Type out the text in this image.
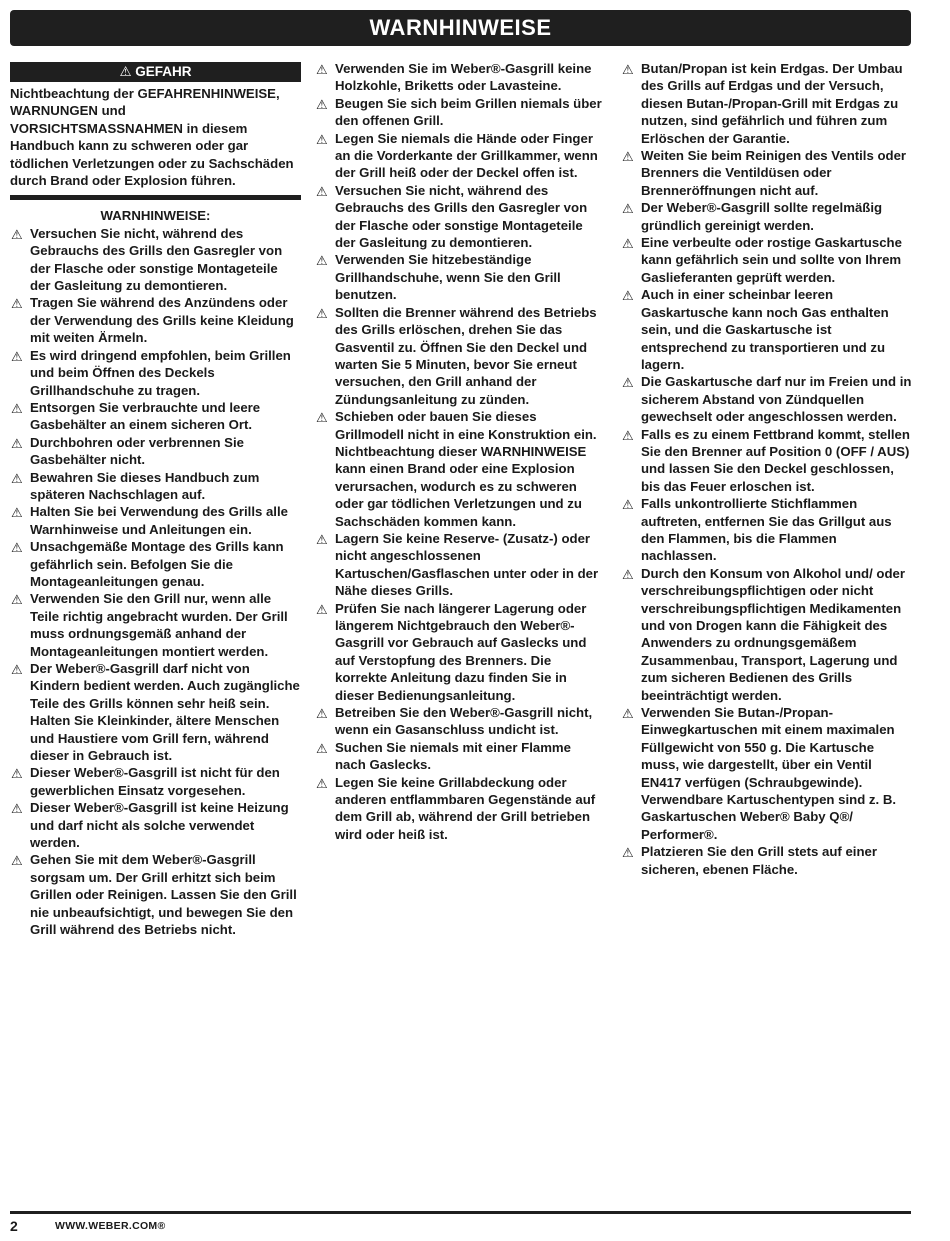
WARNHINWEISE
⚠ GEFAHR

Nichtbeachtung der GEFAHRENHINWEISE, WARNUNGEN und VORSICHTSMASSNAHMEN in diesem Handbuch kann zu schweren oder gar tödlichen Verletzungen oder zu Sachschäden durch Brand oder Explosion führen.

WARNHINWEISE:
⚠ Versuchen Sie nicht, während des Gebrauchs des Grills den Gasregler von der Flasche oder sonstige Montageteile der Gasleitung zu demontieren.
⚠ Tragen Sie während des Anzündens oder der Verwendung des Grills keine Kleidung mit weiten Ärmeln.
⚠ Es wird dringend empfohlen, beim Grillen und beim Öffnen des Deckels Grillhandschuhe zu tragen.
⚠ Entsorgen Sie verbrauchte und leere Gasbehälter an einem sicheren Ort.
⚠ Durchbohren oder verbrennen Sie Gasbehälter nicht.
⚠ Bewahren Sie dieses Handbuch zum späteren Nachschlagen auf.
⚠ Halten Sie bei Verwendung des Grills alle Warnhinweise und Anleitungen ein.
⚠ Unsachgemäße Montage des Grills kann gefährlich sein. Befolgen Sie die Montageanleitungen genau.
⚠ Verwenden Sie den Grill nur, wenn alle Teile richtig angebracht wurden. Der Grill muss ordnungsgemäß anhand der Montageanleitungen montiert werden.
⚠ Der Weber®-Gasgrill darf nicht von Kindern bedient werden. Auch zugängliche Teile des Grills können sehr heiß sein. Halten Sie Kleinkinder, ältere Menschen und Haustiere vom Grill fern, während dieser in Gebrauch ist.
⚠ Dieser Weber®-Gasgrill ist nicht für den gewerblichen Einsatz vorgesehen.
⚠ Dieser Weber®-Gasgrill ist keine Heizung und darf nicht als solche verwendet werden.
⚠ Gehen Sie mit dem Weber®-Gasgrill sorgsam um. Der Grill erhitzt sich beim Grillen oder Reinigen. Lassen Sie den Grill nie unbeaufsichtigt, und bewegen Sie den Grill während des Betriebs nicht.
⚠ Verwenden Sie im Weber®-Gasgrill keine Holzkohle, Briketts oder Lavasteine.
⚠ Beugen Sie sich beim Grillen niemals über den offenen Grill.
⚠ Legen Sie niemals die Hände oder Finger an die Vorderkante der Grillkammer, wenn der Grill heiß oder der Deckel offen ist.
⚠ Versuchen Sie nicht, während des Gebrauchs des Grills den Gasregler von der Flasche oder sonstige Montageteile der Gasleitung zu demontieren.
⚠ Verwenden Sie hitzebeständige Grillhandschuhe, wenn Sie den Grill benutzen.
⚠ Sollten die Brenner während des Betriebs des Grills erlöschen, drehen Sie das Gasventil zu. Öffnen Sie den Deckel und warten Sie 5 Minuten, bevor Sie erneut versuchen, den Grill anhand der Zündungsanleitung zu zünden.
⚠ Schieben oder bauen Sie dieses Grillmodell nicht in eine Konstruktion ein. Nichtbeachtung dieser WARNHINWEISE kann einen Brand oder eine Explosion verursachen, wodurch es zu schweren oder gar tödlichen Verletzungen und zu Sachschäden kommen kann.
⚠ Lagern Sie keine Reserve- (Zusatz-) oder nicht angeschlossenen Kartuschen/Gasflaschen unter oder in der Nähe dieses Grills.
⚠ Prüfen Sie nach längerer Lagerung oder längerem Nichtgebrauch den Weber®-Gasgrill vor Gebrauch auf Gaslecks und auf Verstopfung des Brenners. Die korrekte Anleitung dazu finden Sie in dieser Bedienungsanleitung.
⚠ Betreiben Sie den Weber®-Gasgrill nicht, wenn ein Gasanschluss undicht ist.
⚠ Suchen Sie niemals mit einer Flamme nach Gaslecks.
⚠ Legen Sie keine Grillabdeckung oder anderen entflammbaren Gegenstände auf dem Grill ab, während der Grill betrieben wird oder heiß ist.
⚠ Butan/Propan ist kein Erdgas. Der Umbau des Grills auf Erdgas und der Versuch, diesen Butan-/Propan-Grill mit Erdgas zu nutzen, sind gefährlich und führen zum Erlöschen der Garantie.
⚠ Weiten Sie beim Reinigen des Ventils oder Brenners die Ventildüsen oder Brenneröffnungen nicht auf.
⚠ Der Weber®-Gasgrill sollte regelmäßig gründlich gereinigt werden.
⚠ Eine verbeulte oder rostige Gaskartusche kann gefährlich sein und sollte von Ihrem Gaslieferanten geprüft werden.
⚠ Auch in einer scheinbar leeren Gaskartusche kann noch Gas enthalten sein, und die Gaskartusche ist entsprechend zu transportieren und zu lagern.
⚠ Die Gaskartusche darf nur im Freien und in sicherem Abstand von Zündquellen gewechselt oder angeschlossen werden.
⚠ Falls es zu einem Fettbrand kommt, stellen Sie den Brenner auf Position 0 (OFF / AUS) und lassen Sie den Deckel geschlossen, bis das Feuer erloschen ist.
⚠ Falls unkontrollierte Stichflammen auftreten, entfernen Sie das Grillgut aus den Flammen, bis die Flammen nachlassen.
⚠ Durch den Konsum von Alkohol und/ oder verschreibungspflichtigen oder nicht verschreibungspflichtigen Medikamenten und von Drogen kann die Fähigkeit des Anwenders zu ordnungsgemäßem Zusammenbau, Transport, Lagerung und zum sicheren Bedienen des Grills beeinträchtigt werden.
⚠ Verwenden Sie Butan-/Propan-Einwegkartuschen mit einem maximalen Füllgewicht von 550 g. Die Kartusche muss, wie dargestellt, über ein Ventil EN417 verfügen (Schraubgewinde). Verwendbare Kartuschentypen sind z. B. Gaskartuschen Weber® Baby Q®/ Performer®.
⚠ Platzieren Sie den Grill stets auf einer sicheren, ebenen Fläche.
2	WWW.WEBER.COM®
